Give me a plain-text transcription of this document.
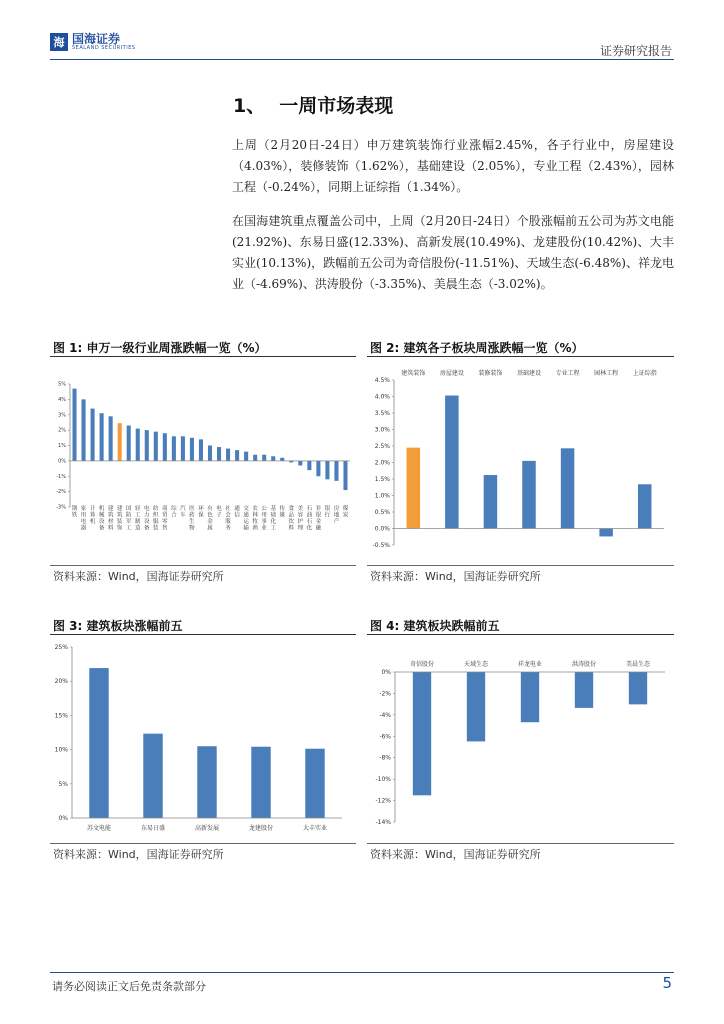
海 国海证券
SEALAND SECURITIES	证券研究报告
1、 一周市场表现
上周（2月20日-24日）申万建筑装饰行业涨幅2.45%，各子行业中，房屋建设（4.03%），装修装饰（1.62%），基础建设（2.05%），专业工程（2.43%），园林工程（-0.24%），同期上证综指（1.34%）。
在国海建筑重点覆盖公司中，上周（2月20日-24日）个股涨幅前五公司为苏文电能(21.92%)、东易日盛(12.33%)、高新发展(10.49%)、龙建股份(10.42%)、大丰实业(10.13%)，跌幅前五公司为奇信股份(-11.51%)、天域生态(-6.48%)、祥龙电业（-4.69%)、洪涛股份（-3.35%)、美晨生态（-3.02%)。
图 1: 申万一级行业周涨跌幅一览（%）
-3%
-2%
-1%
0%
1%
2%
3%
4%
5%
钢铁
家用电器
计算机
机械设备
建筑材料
建筑装饰
国防军工
轻工制造
电力设备
纺织服装
商贸零售
综合
汽车
医药生物
环保
有色金属
电子
社会服务
通信
交通运输
农林牧渔
公用事业
基础化工
传媒
食品饮料
美容护理
石油石化
非银金融
银行
房地产
煤炭
资料来源：Wind，国海证券研究所
图 2: 建筑各子板块周涨跌幅一览（%）
-0.5%
0.0%
0.5%
1.0%
1.5%
2.0%
2.5%
3.0%
3.5%
4.0%
4.5%
建筑装饰 房屋建设 装修装饰 基础建设 专业工程 园林工程 上证综指
资料来源：Wind，国海证券研究所
图 3: 建筑板块涨幅前五
0%
5%
10%
15%
20%
25%
苏文电能	东易日盛	高新发展	龙建股份	大丰实业
资料来源：Wind，国海证券研究所
图 4: 建筑板块跌幅前五
-14%
-12%
-10%
-8%
-6%
-4%
-2%
0%
奇信股份	天域生态	祥龙电业	洪涛股份	美晨生态
资料来源：Wind，国海证券研究所
请务必阅读正文后免责条款部分	5
